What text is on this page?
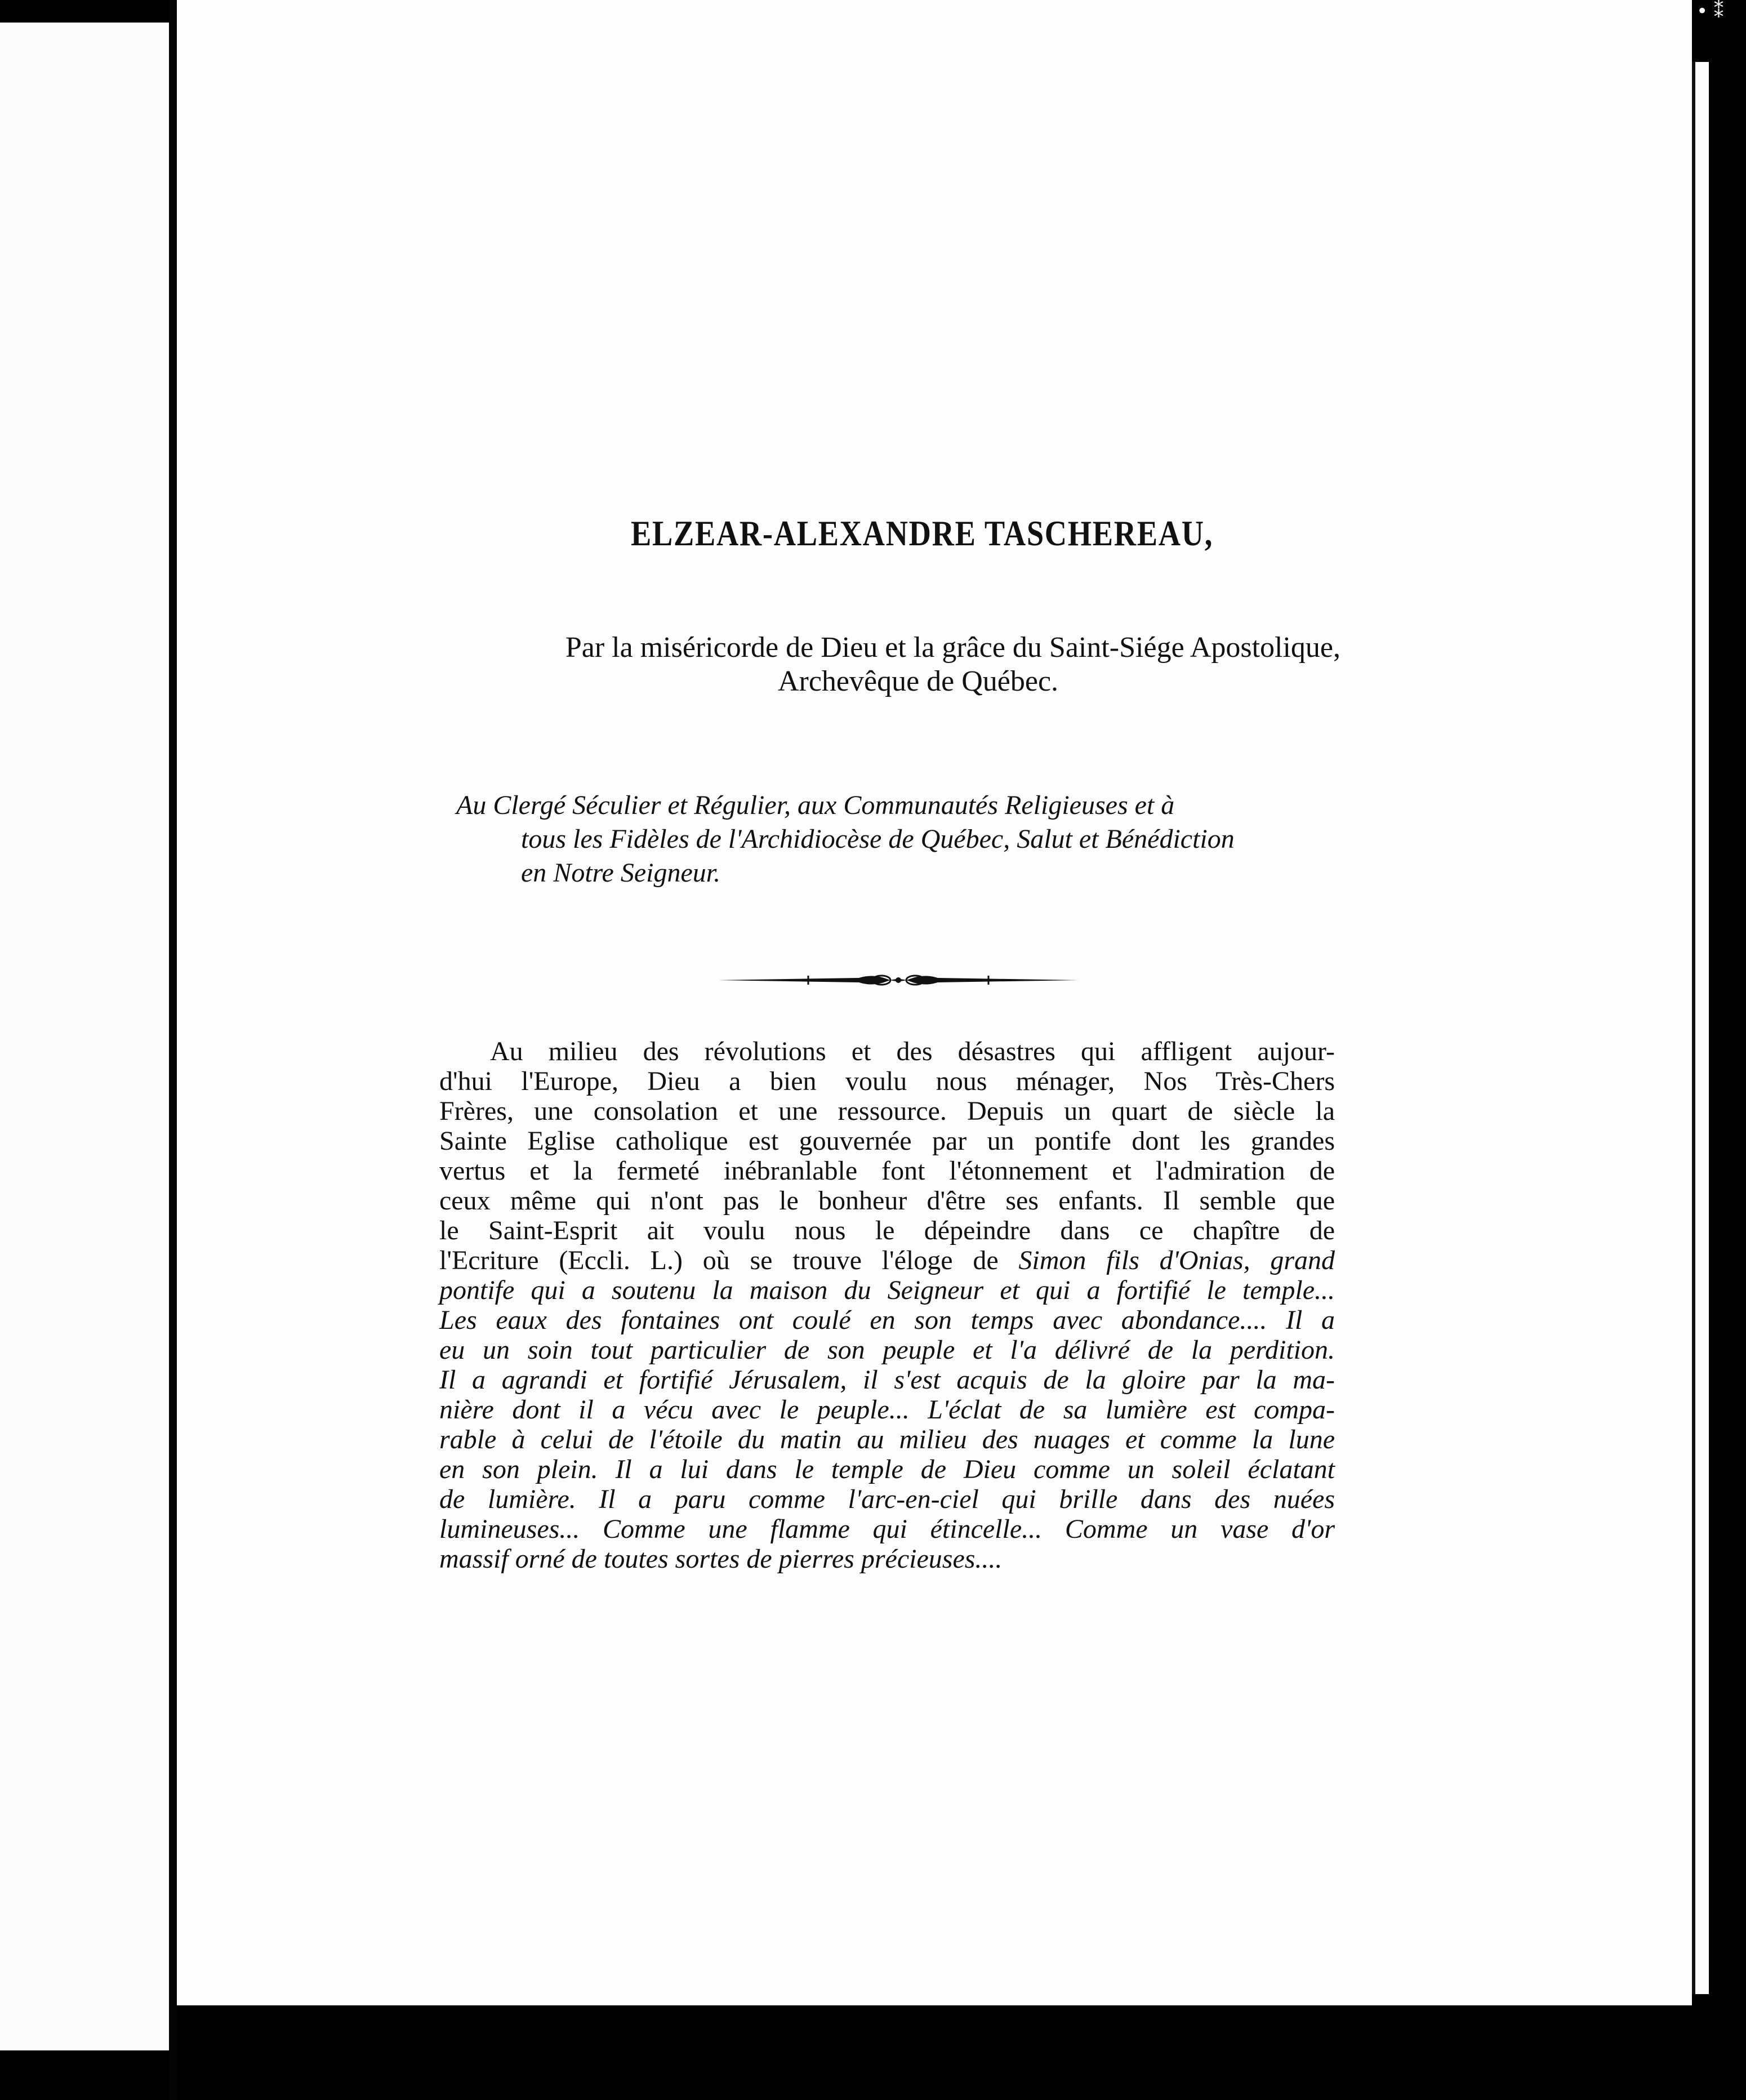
• ⁑
ELZEAR-ALEXANDRE TASCHEREAU,
Par la miséricorde de Dieu et la grâce du Saint-Siége Apostolique,
Archevêque de Québec.
Au Clergé Séculier et Régulier, aux Communautés Religieuses et à
tous les Fidèles de l'Archidiocèse de Québec, Salut et Bénédiction
en Notre Seigneur.
Au milieu des révolutions et des désastres qui affligent aujour-
d'hui l'Europe, Dieu a bien voulu nous ménager, Nos Très-Chers
Frères, une consolation et une ressource. Depuis un quart de siècle la
Sainte Eglise catholique est gouvernée par un pontife dont les grandes
vertus et la fermeté inébranlable font l'étonnement et l'admiration de
ceux même qui n'ont pas le bonheur d'être ses enfants. Il semble que
le Saint-Esprit ait voulu nous le dépeindre dans ce chapître de
l'Ecriture (Eccli. L.) où se trouve l'éloge de Simon fils d'Onias, grand
pontife qui a soutenu la maison du Seigneur et qui a fortifié le temple...
Les eaux des fontaines ont coulé en son temps avec abondance.... Il a
eu un soin tout particulier de son peuple et l'a délivré de la perdition.
Il a agrandi et fortifié Jérusalem, il s'est acquis de la gloire par la ma-
nière dont il a vécu avec le peuple... L'éclat de sa lumière est compa-
rable à celui de l'étoile du matin au milieu des nuages et comme la lune
en son plein. Il a lui dans le temple de Dieu comme un soleil éclatant
de lumière. Il a paru comme l'arc-en-ciel qui brille dans des nuées
lumineuses... Comme une flamme qui étincelle... Comme un vase d'or
massif orné de toutes sortes de pierres précieuses....
